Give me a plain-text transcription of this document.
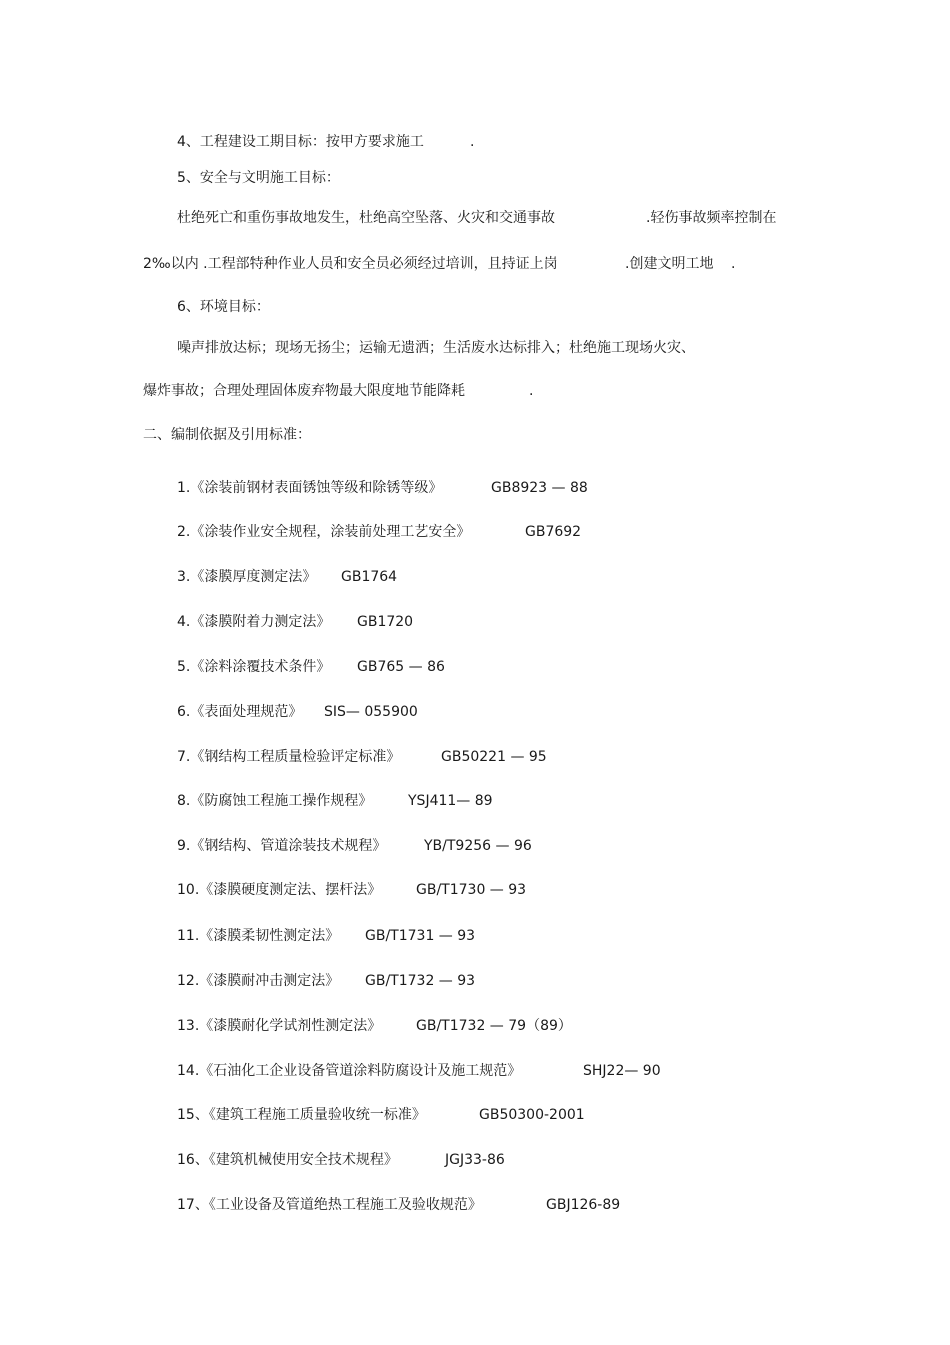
4、工程建设工期目标：按甲方要求施工	.
5、安全与文明施工目标：
杜绝死亡和重伤事故地发生，杜绝高空坠落、火灾和交通事故	.轻伤事故频率控制在
2‰以内 .工程部特种作业人员和安全员必须经过培训，且持证上岗	.创建文明工地 .
6、环境目标：
噪声排放达标；现场无扬尘；运输无遗洒；生活废水达标排入；杜绝施工现场火灾、
爆炸事故；合理处理固体废弃物最大限度地节能降耗	.
二、编制依据及引用标准：
1.《涂装前钢材表面锈蚀等级和除锈等级》	GB8923 — 88
2.《涂装作业安全规程，涂装前处理工艺安全》	GB7692
3.《漆膜厚度测定法》 GB1764
4.《漆膜附着力测定法》 GB1720
5.《涂料涂覆技术条件》 GB765 — 86
6.《表面处理规范》 SIS— 055900
7.《钢结构工程质量检验评定标准》	GB50221 — 95
8.《防腐蚀工程施工操作规程》	YSJ411— 89
9.《钢结构、管道涂装技术规程》	YB/T9256 — 96
10.《漆膜硬度测定法、摆杆法》 GB/T1730 — 93
11.《漆膜柔韧性测定法》 GB/T1731 — 93
12.《漆膜耐冲击测定法》 GB/T1732 — 93
13.《漆膜耐化学试剂性测定法》 GB/T1732 — 79（89）
14.《石油化工企业设备管道涂料防腐设计及施工规范》	SHJ22— 90
15、《建筑工程施工质量验收统一标准》	GB50300-2001
16、《建筑机械使用安全技术规程》	JGJ33-86
17、《工业设备及管道绝热工程施工及验收规范》	GBJ126-89
